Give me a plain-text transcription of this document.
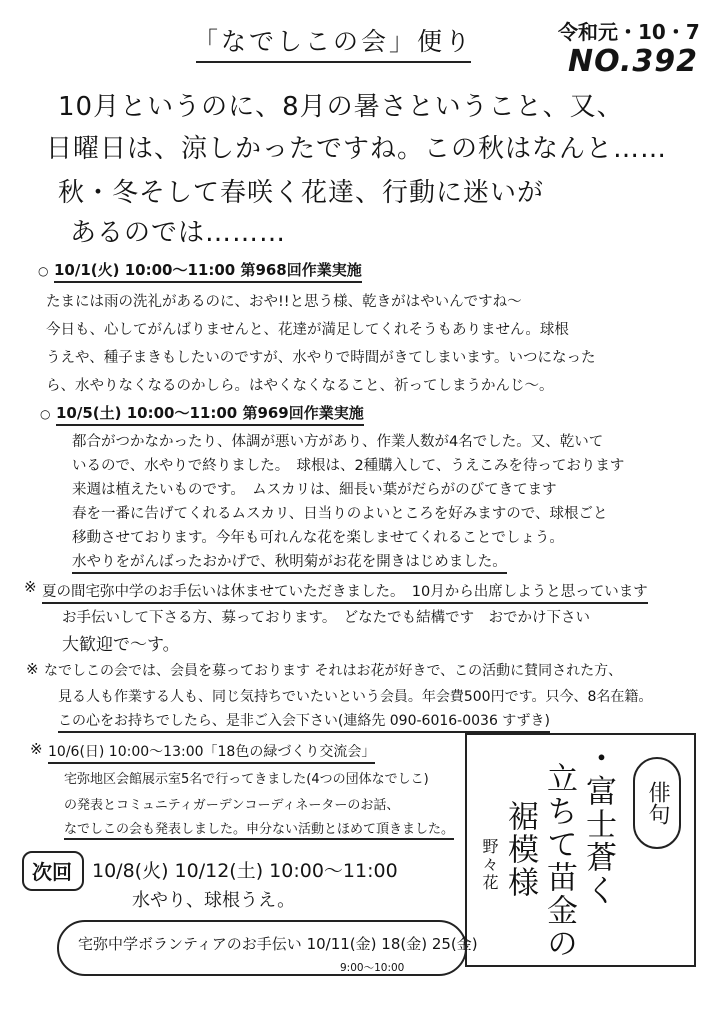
「なでしこの会」便り	令和元・10・7
NO.392
10月というのに、8月の暑さということ、又、
日曜日は、涼しかったですね。この秋はなんと……
秋・冬そして春咲く花達、行動に迷いが
あるのでは………
○ 10/1(火) 10:00〜11:00 第968回作業実施
たまには雨の洗礼があるのに、おや!!と思う様、乾きがはやいんですね〜
今日も、心してがんばりませんと、花達が満足してくれそうもありません。球根
うえや、種子まきもしたいのですが、水やりで時間がきてしまいます。いつになった
ら、水やりなくなるのかしら。はやくなくなること、祈ってしまうかんじ〜。
○ 10/5(土) 10:00〜11:00 第969回作業実施
都合がつかなかったり、体調が悪い方があり、作業人数が4名でした。又、乾いて
いるので、水やりで終りました。　球根は、2種購入して、うえこみを待っております
来週は植えたいものです。　ムスカリは、細長い葉がだらがのびてきてます
春を一番に告げてくれるムスカリ、日当りのよいところを好みますので、球根ごと
移動させております。今年も可れんな花を楽しませてくれることでしょう。
水やりをがんばったおかげで、秋明菊がお花を開きはじめました。
※ 夏の間宅弥中学のお手伝いは休ませていただきました。　10月から出席しようと思っています
お手伝いして下さる方、募っております。　どなたでも結構です　おでかけ下さい
大歓迎で〜す。
※ なでしこの会では、会員を募っております それはお花が好きで、この活動に賛同された方、
見る人も作業する人も、同じ気持ちでいたいという会員。年会費500円です。只今、8名在籍。
この心をお持ちでしたら、是非ご入会下さい(連絡先 090-6016-0036 すずき)
※ 10/6(日) 10:00〜13:00「18色の緑づくり交流会」
宅弥地区会館展示室5名で行ってきました(4つの団体なでしこ)
の発表とコミュニティガーデンコーディネーターのお話、
なでしこの会も発表しました。申分ない活動とほめて頂きました。
俳句
・富士蒼く
立ちて苗金の
裾模様
野々花
次回 10/8(火) 10/12(土) 10:00〜11:00
水やり、球根うえ。
宅弥中学ボランティアのお手伝い 10/11(金) 18(金) 25(金)
9:00〜10:00
